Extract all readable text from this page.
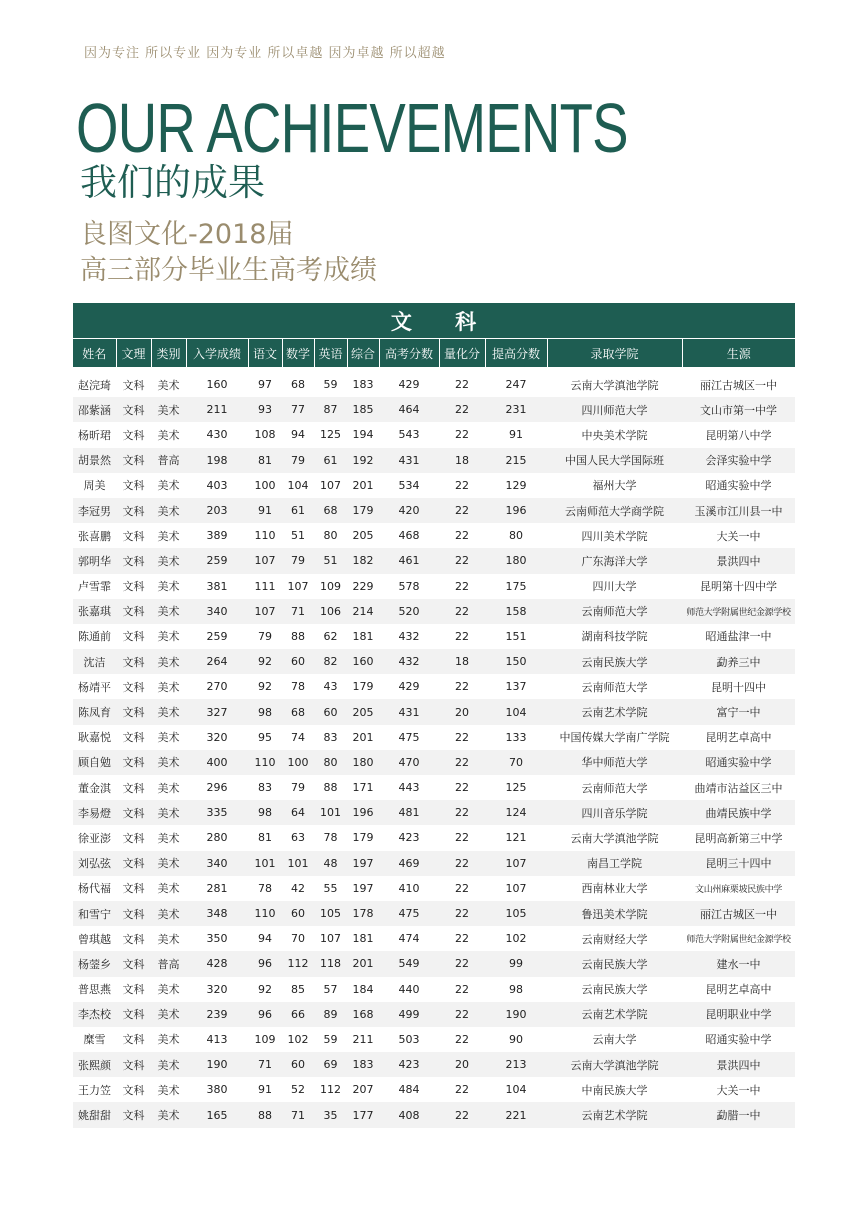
因为专注 所以专业 因为专业 所以卓越 因为卓越 所以超越
OUR ACHIEVEMENTS
我们的成果
良图文化-2018届
高三部分毕业生高考成绩
文 科												
姓名	文理	类别	入学成绩	语文	数学	英语	综合	高考分数	量化分	提高分数	录取学院	生源

赵浣琦	文科	美术	160	97	68	59	183	429	22	247	云南大学滇池学院	丽江古城区一中
邵紫涵	文科	美术	211	93	77	87	185	464	22	231	四川师范大学	文山市第一中学
杨昕珺	文科	美术	430	108	94	125	194	543	22	91	中央美术学院	昆明第八中学
胡景然	文科	普高	198	81	79	61	192	431	18	215	中国人民大学国际班	会泽实验中学
周美	文科	美术	403	100	104	107	201	534	22	129	福州大学	昭通实验中学
李冠男	文科	美术	203	91	61	68	179	420	22	196	云南师范大学商学院	玉溪市江川县一中
张喜鹏	文科	美术	389	110	51	80	205	468	22	80	四川美术学院	大关一中
郭明华	文科	美术	259	107	79	51	182	461	22	180	广东海洋大学	景洪四中
卢雪霏	文科	美术	381	111	107	109	229	578	22	175	四川大学	昆明第十四中学
张嘉琪	文科	美术	340	107	71	106	214	520	22	158	云南师范大学	师范大学附属世纪金源学校
陈通前	文科	美术	259	79	88	62	181	432	22	151	湖南科技学院	昭通盐津一中
沈洁	文科	美术	264	92	60	82	160	432	18	150	云南民族大学	勐养三中
杨靖平	文科	美术	270	92	78	43	179	429	22	137	云南师范大学	昆明十四中
陈凤育	文科	美术	327	98	68	60	205	431	20	104	云南艺术学院	富宁一中
耿嘉悦	文科	美术	320	95	74	83	201	475	22	133	中国传媒大学南广学院	昆明艺卓高中
顾自勉	文科	美术	400	110	100	80	180	470	22	70	华中师范大学	昭通实验中学
董金淇	文科	美术	296	83	79	88	171	443	22	125	云南师范大学	曲靖市沾益区三中
李易燈	文科	美术	335	98	64	101	196	481	22	124	四川音乐学院	曲靖民族中学
徐亚澎	文科	美术	280	81	63	78	179	423	22	121	云南大学滇池学院	昆明高新第三中学
刘弘弦	文科	美术	340	101	101	48	197	469	22	107	南昌工学院	昆明三十四中
杨代福	文科	美术	281	78	42	55	197	410	22	107	西南林业大学	文山州麻栗坡民族中学
和雪宁	文科	美术	348	110	60	105	178	475	22	105	鲁迅美术学院	丽江古城区一中
曾琪越	文科	美术	350	94	70	107	181	474	22	102	云南财经大学	师范大学附属世纪金源学校
杨蓥乡	文科	普高	428	96	112	118	201	549	22	99	云南民族大学	建水一中
普思燕	文科	美术	320	92	85	57	184	440	22	98	云南民族大学	昆明艺卓高中
李杰校	文科	美术	239	96	66	89	168	499	22	190	云南艺术学院	昆明职业中学
糜雪	文科	美术	413	109	102	59	211	503	22	90	云南大学	昭通实验中学
张熙颜	文科	美术	190	71	60	69	183	423	20	213	云南大学滇池学院	景洪四中
王力笠	文科	美术	380	91	52	112	207	484	22	104	中南民族大学	大关一中
姚甜甜	文科	美术	165	88	71	35	177	408	22	221	云南艺术学院	勐腊一中
